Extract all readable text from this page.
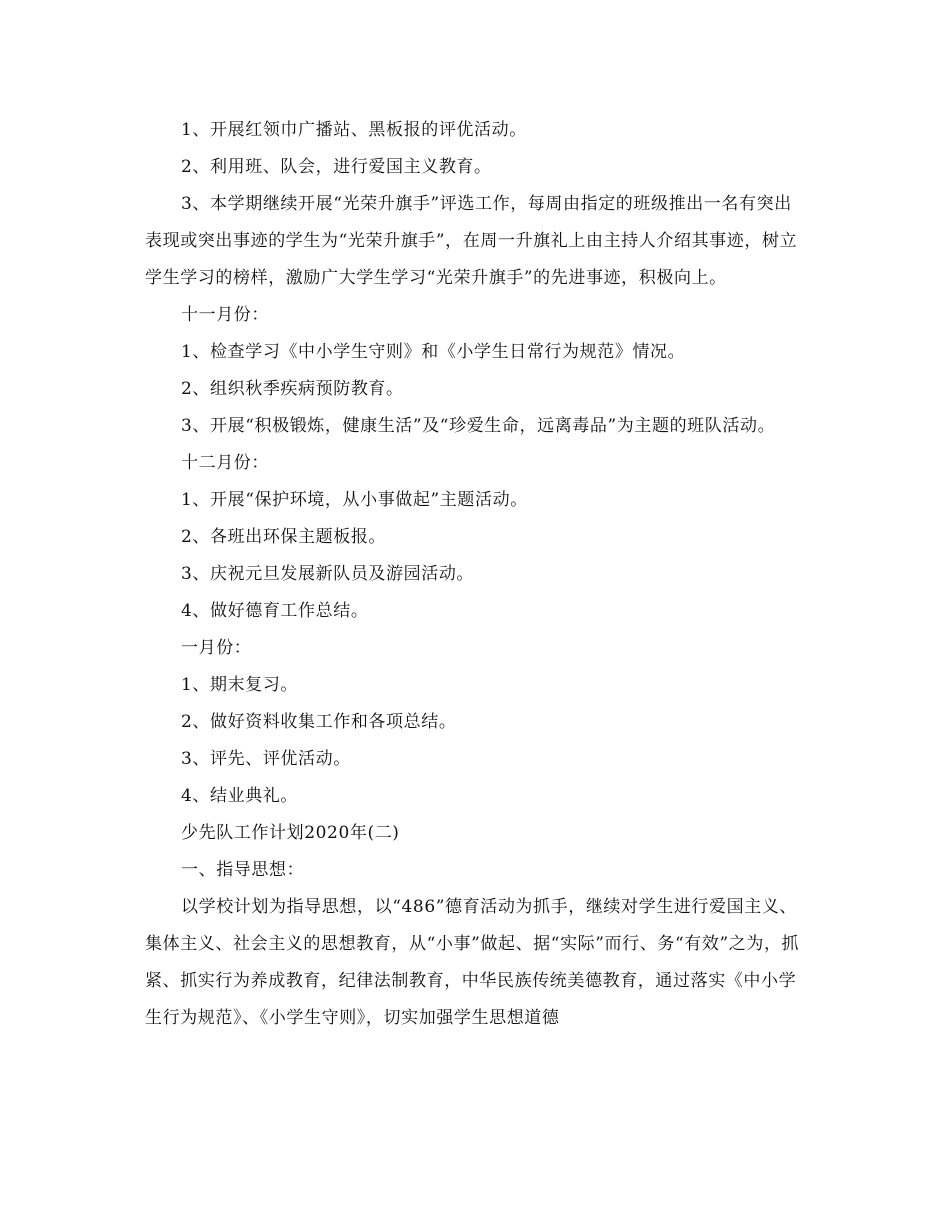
1、开展红领巾广播站、黑板报的评优活动。

2、利用班、队会，进行爱国主义教育。

3、本学期继续开展“光荣升旗手”评选工作，每周由指定的班级推出一名有突出表现或突出事迹的学生为“光荣升旗手”，在周一升旗礼上由主持人介绍其事迹，树立学生学习的榜样，激励广大学生学习“光荣升旗手”的先进事迹，积极向上。

十一月份：

1、检查学习《中小学生守则》和《小学生日常行为规范》情况。

2、组织秋季疾病预防教育。

3、开展“积极锻炼，健康生活”及“珍爱生命，远离毒品”为主题的班队活动。

十二月份：

1、开展“保护环境，从小事做起”主题活动。

2、各班出环保主题板报。

3、庆祝元旦发展新队员及游园活动。

4、做好德育工作总结。

一月份：

1、期末复习。

2、做好资料收集工作和各项总结。

3、评先、评优活动。

4、结业典礼。

少先队工作计划2020年(二)

一、指导思想：

以学校计划为指导思想，以“486”德育活动为抓手，继续对学生进行爱国主义、集体主义、社会主义的思想教育，从“小事”做起、据“实际”而行、务“有效”之为，抓紧、抓实行为养成教育，纪律法制教育，中华民族传统美德教育，通过落实《中小学生行为规范》、《小学生守则》，切实加强学生思想道德
